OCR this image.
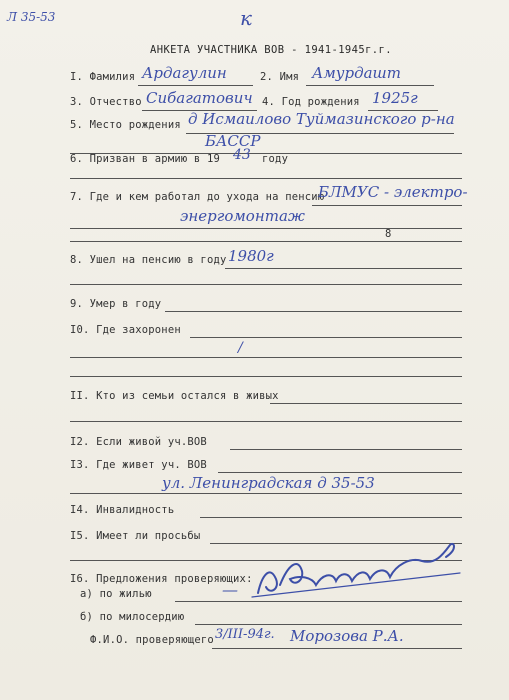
Л 35-53	к
АНКЕТА УЧАСТНИКА ВОВ - 1941-1945г.г.
I. Фамилия Ардагулин	2. Имя Амурдашт
3. Отчество Сибагатович 4. Год рождения 1925г
5. Место рождения д Исмаилово Туймазинского р-на
БАССР
6. Призван в армию в 19 43 году
7. Где и кем работал до ухода на пенсию
БЛМУС - электро-
энергомонтаж
8
8. Ушел на пенсию в году 1980г
9. Умер в году
I0. Где захоронен
/
II. Кто из семьи остался в живых
I2. Если живой уч.ВОВ
I3. Где живет уч. ВОВ
ул. Ленинградская д 35-53
I4. Инвалидность
I5. Имеет ли просьбы
I6. Предложения проверяющих:
а) по жилью	—
б) по милосердию
Ф.И.О. проверяющего 3/III-94г. Морозова Р.А.
